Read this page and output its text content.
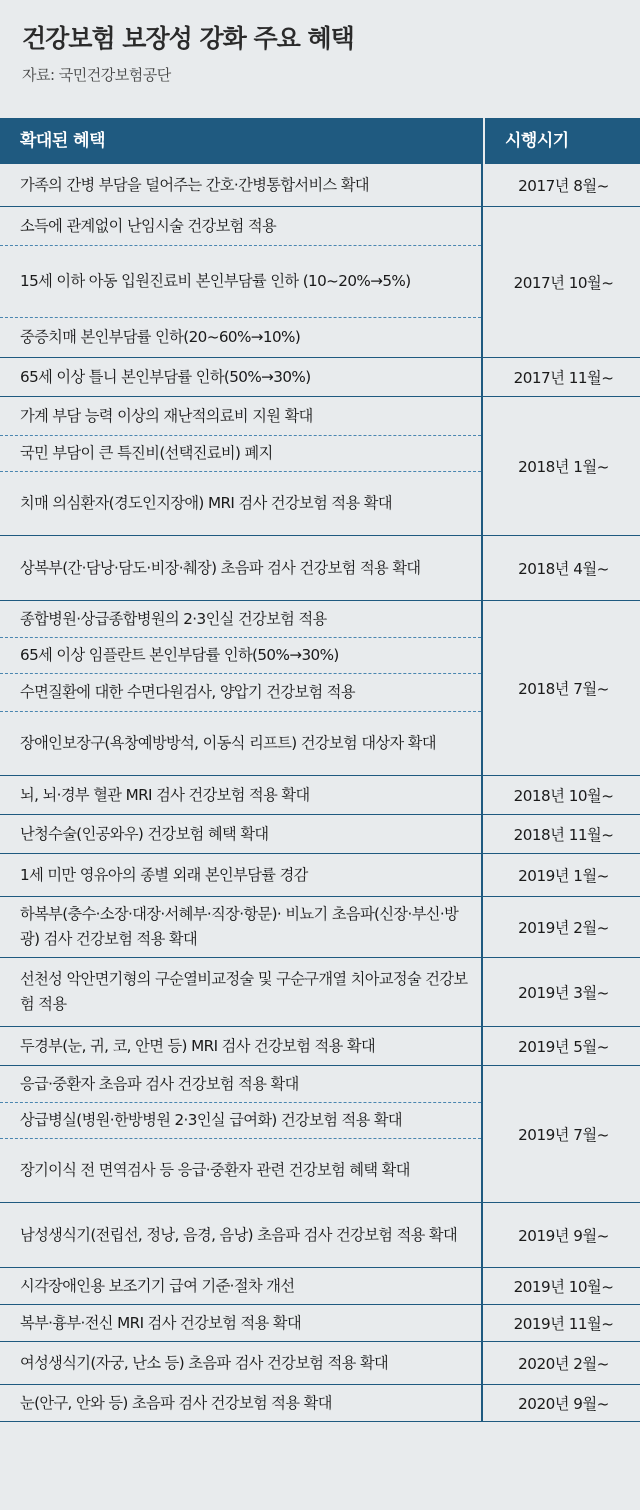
건강보험 보장성 강화 주요 혜택
자료: 국민건강보험공단
확대된 혜택	시행시기
가족의 간병 부담을 덜어주는 간호·간병통합서비스 확대	2017년 8월~
소득에 관계없이 난임시술 건강보험 적용
15세 이하 아동 입원진료비 본인부담률 인하 (10~20%→5%)
중증치매 본인부담률 인하(20~60%→10%)
2017년 10월~
65세 이상 틀니 본인부담률 인하(50%→30%)	2017년 11월~
가계 부담 능력 이상의 재난적의료비 지원 확대
국민 부담이 큰 특진비(선택진료비) 폐지
치매 의심환자(경도인지장애) MRI 검사 건강보험 적용 확대
2018년 1월~
상복부(간·담낭·담도·비장·췌장) 초음파 검사 건강보험 적용 확대	2018년 4월~
종합병원·상급종합병원의 2·3인실 건강보험 적용
65세 이상 임플란트 본인부담률 인하(50%→30%)
수면질환에 대한 수면다원검사, 양압기 건강보험 적용
장애인보장구(욕창예방방석, 이동식 리프트) 건강보험 대상자 확대
2018년 7월~
뇌, 뇌·경부 혈관 MRI 검사 건강보험 적용 확대	2018년 10월~
난청수술(인공와우) 건강보험 혜택 확대	2018년 11월~
1세 미만 영유아의 종별 외래 본인부담률 경감	2019년 1월~
하복부(충수·소장·대장·서혜부·직장·항문)· 비뇨기 초음파(신장·부신·방광) 검사 건강보험 적용 확대
2019년 2월~
선천성 악안면기형의 구순열비교정술 및 구순구개열 치아교정술 건강보험 적용
2019년 3월~
두경부(눈, 귀, 코, 안면 등) MRI 검사 건강보험 적용 확대	2019년 5월~
응급·중환자 초음파 검사 건강보험 적용 확대
상급병실(병원·한방병원 2·3인실 급여화) 건강보험 적용 확대
장기이식 전 면역검사 등 응급·중환자 관련 건강보험 혜택 확대
2019년 7월~
남성생식기(전립선, 정낭, 음경, 음낭) 초음파 검사 건강보험 적용 확대	2019년 9월~
시각장애인용 보조기기 급여 기준·절차 개선	2019년 10월~
복부·흉부·전신 MRI 검사 건강보험 적용 확대	2019년 11월~
여성생식기(자궁, 난소 등) 초음파 검사 건강보험 적용 확대	2020년 2월~
눈(안구, 안와 등) 초음파 검사 건강보험 적용 확대	2020년 9월~
